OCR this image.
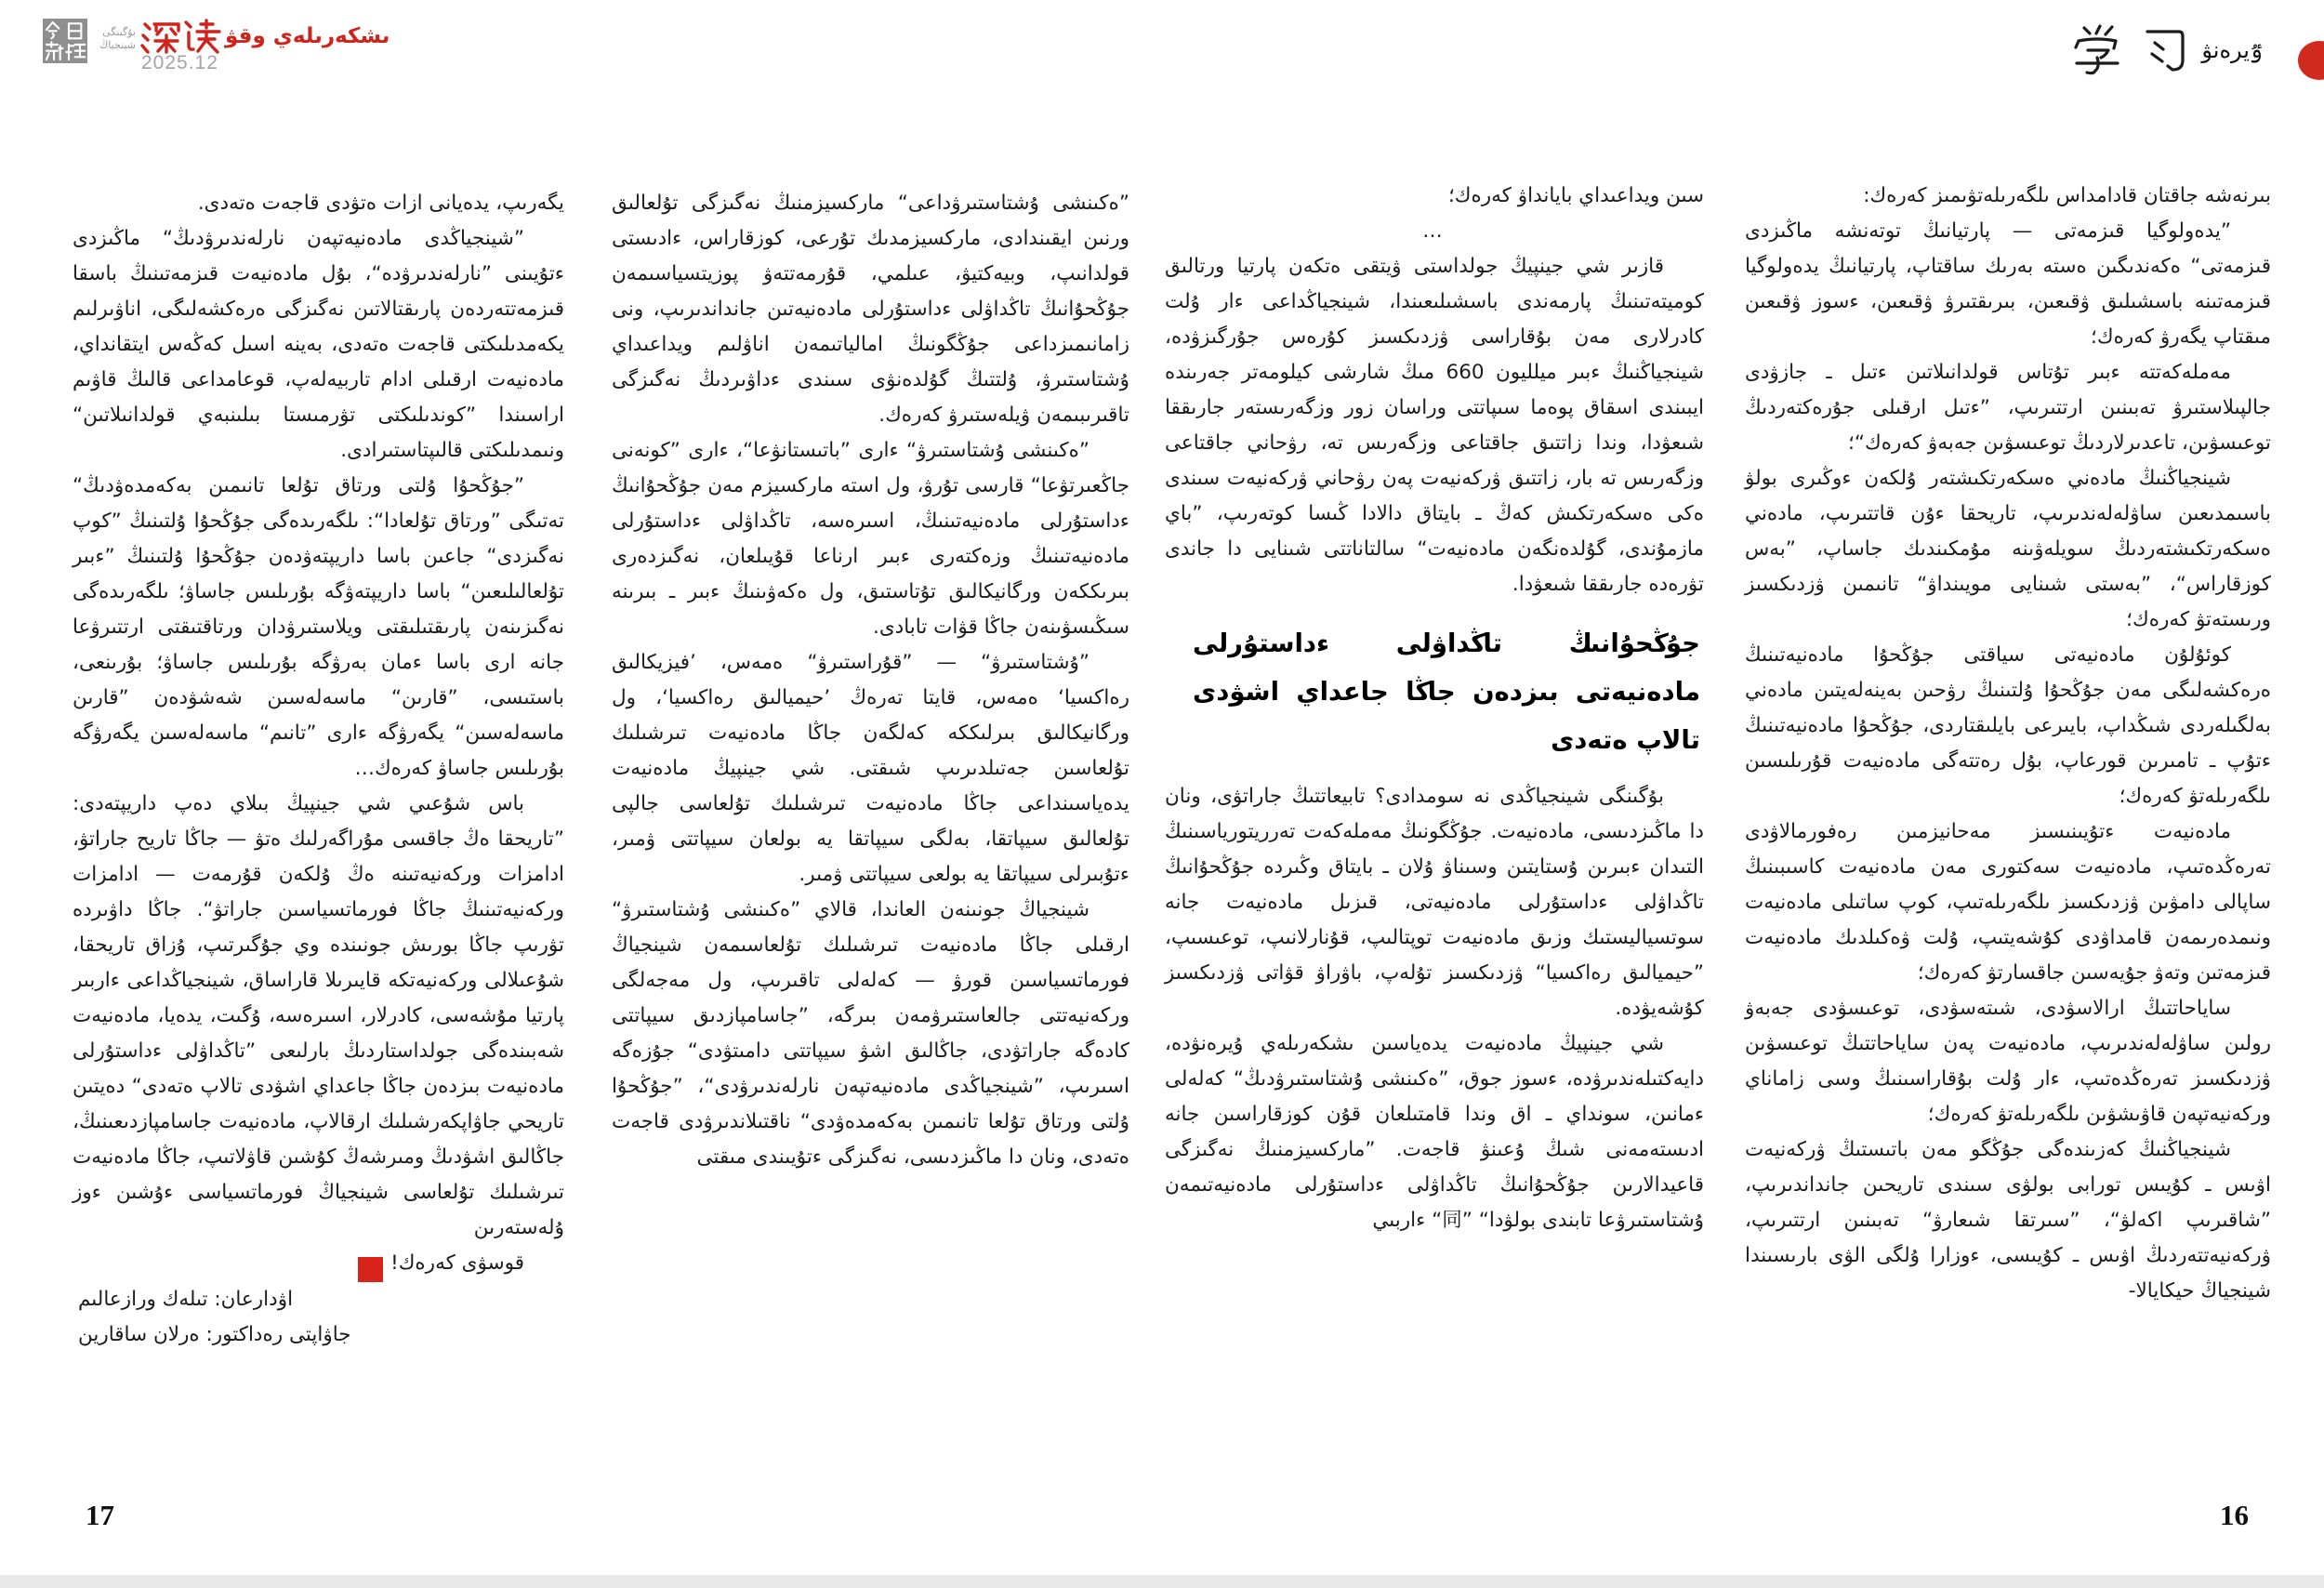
بۇگىنگى
شينجياڭ	ىشكەرىلەي وقۋ
2025.12	ٷيرەنۋ

بىرنەشە جاقتان قادامداس ىلگەرىلەتۋىمىز كەرەك:

”يدەولوگيا قىزمەتى — پارتيانىڭ توتەنشە ماڭىزدى قىزمەتى“ ەكەندىگىن ەستە بەرىك ساقتاپ، پارتيانىڭ يدەولوگيا قىزمەتىنە باسشىلىق ۋقىعىن، بىرىقتىرۋ ۋقىعىن، ءسوز ۋقىعىن مىقتاپ يگەرۋ كەرەك؛

مەملەكەتتە ءبىر تۇتاس قولدانىلاتىن ءتىل ـ جازۋدى جالپىلاستىرۋ تەبىنىن ارتتىرىپ، ”ءتىل ارقىلى جۇرەكتەردىڭ توعىسۋىن، تاعدىرلاردىڭ توعىسۋىن جەبەۋ كەرەك“؛

شينجياڭنىڭ مادەني ەسكەرتكىشتەر ۇلكەن ءوڭىرى بولۋ باسىمدىعىن ساۋلەلەندىرىپ، تاريحقا ءۇن قاتتىرىپ، مادەني ەسكەرتكىشتەردىڭ سويلەۋىنە مۇمكىندىك جاساپ، ”بەس كوزقاراس“، ”بەستى شىنايى مويىنداۋ“ تانىمىن ۋزدىكسىز ورىستەتۋ كەرەك؛

كوئۇلۇن مادەنيەتى سياقتى جۇڭحۇا مادەنيەتىنىڭ ەرەكشەلىگى مەن جۇڭحۇا ۇلتىنىڭ رۋحىن بەينەلەيتىن مادەني بەلگىلەردى شىڭداپ، بايىرعى بايلىقتاردى، جۇڭحۇا مادەنيەتىنىڭ ءتۇپ ـ تامىرىن قورعاپ، بۇل رەتتەگى مادەنيەت قۇرىلىسىن ىلگەرىلەتۋ كەرەك؛

مادەنيەت ءتۇيىنىسىز مەحانيزمىن رەفورمالاۋدى تەرەڭدەتىپ، مادەنيەت سەكتورى مەن مادەنيەت كاسىبىنىڭ ساپالى دامۋىن ۋزدىكسىز ىلگەرىلەتىپ، كوپ ساتىلى مادەنيەت ونىمدەرىمەن قامداۋدى كۇشەيتىپ، ۇلت ۋەكىلدىك مادەنيەت قىزمەتىن وتەۋ جۇيەسىن جاقسارتۋ كەرەك؛

ساياحاتتىڭ ارالاسۋدى، شىتەسۋدى، توعىسۋدى جەبەۋ رولىن ساۋلەلەندىرىپ، مادەنيەت پەن ساياحاتتىڭ توعىسۋىن ۋزدىكسىز تەرەڭدەتىپ، ءار ۇلت بۇقاراسىنىڭ وسى زاماناي وركەنيەتپەن قاۋىشۋىن ىلگەرىلەتۋ كەرەك؛

شينجياڭنىڭ كەزىندەگى جۇڭگو مەن باتىستىڭ ۋركەنيەت اۋىس ـ كۇيىس تورابى بولۋى سىندى تاريحىن جانداندىرىپ، ”شاقىرىپ اكەلۋ“، ”سىرتقا شىعارۋ“ تەبىنىن ارتتىرىپ، ۋركەنيەتتەردىڭ اۋىس ـ كۇيىسى، ءوزارا ۇلگى الۋى بارىسىندا شينجياڭ حيكايالا-

سىن ويداعىداي بايانداۋ كەرەك؛

…

قازىر شي جينپيڭ جولداستى ۋيتقى ەتكەن پارتيا ورتالىق كوميتەتىنىڭ پارمەندى باسشىلىعىندا، شينجياڭداعى ءار ۇلت كادرلارى مەن بۇقاراسى ۋزدىكسىز كۇرەس جۇرگىزۋدە، شينجياڭنىڭ ءبىر ميلليون 660 مىڭ شارشى كيلومەتر جەرىندە ايبىندى اسقاق پوەما سىپاتتى وراسان زور وزگەرىستەر جارىققا شىعۋدا، وندا زاتتىق جاقتاعى وزگەرىس تە، رۋحاني جاقتاعى وزگەرىس تە بار، زاتتىق ۋركەنيەت پەن رۋحاني ۋركەنيەت سىندى ەكى ەسكەرتكىش كەڭ ـ بايتاق دالادا ڭىسا كوتەرىپ، ”باي مازمۇندى، گۇلدەنگەن مادەنيەت“ سالتاناتتى شىنايى دا جاندى تۋرەدە جارىققا شىعۋدا.

جۇڭحۇانىڭ تاڭداۋلى ءداستۇرلى مادەنيەتى بىزدەن جاڭا جاعداي اشۋدى تالاپ ەتەدى

بۇگىنگى شينجياڭدى نە سومدادى؟ تابيعاتتىڭ جاراتۋى، ونان دا ماڭىزدىسى، مادەنيەت. جۇڭگونىڭ مەملەكەت تەرريتورياسىنىڭ التىدان ءبىرىن ۇستايتىن وسىناۋ ۇلان ـ بايتاق وڭىردە جۇڭحۇانىڭ تاڭداۋلى ءداستۇرلى مادەنيەتى، قىزىل مادەنيەت جانە سوتسياليستىك وزىق مادەنيەت توپتالىپ، قۇنارلانىپ، توعىسىپ، ”حيميالىق رەاكسيا“ ۋزدىكسىز تۇلەپ، باۋراۋ قۋاتى ۋزدىكسىز كۇشەيۋدە.

شي جينپيڭ مادەنيەت يدەياسىن ىشكەرىلەي ۇيرەنۋدە، دايەكتىلەندىرۋدە، ءسوز جوق، ”ەكىنشى ۇشتاستىرۋدىڭ“ كەلەلى ءمانىن، سونداي ـ اق وندا قامتىلعان قۇن كوزقاراسىن جانە ادىستەمەنى شىڭ ۇعىنۋ قاجەت. ”ماركسيزمنىڭ نەگىزگى قاعيدالارىن جۇڭحۇانىڭ تاڭداۋلى ءداستۇرلى مادەنيەتىمەن ۇشتاستىرۋعا تابندى بولۋدا“ ”同“ ءاربىي

”ەكىنشى ۇشتاستىرۋداعى“ ماركسيزمنىڭ نەگىزگى تۇلعالىق ورنىن ايقىندادى، ماركسيزمدىك تۇرعى، كوزقاراس، ءادىستى قولدانىپ، وبيەكتيۋ، عىلمي، قۇرمەتتەۋ پوزيتسياسىمەن جۇڭحۇانىڭ تاڭداۋلى ءداستۇرلى مادەنيەتىن جانداندىرىپ، ونى زامانىمىزداعى جۇڭگونىڭ امالياتىمەن اناۋلىم ويداعىداي ۇشتاستىرۋ، ۇلتتىڭ گۇلدەنۋى سىندى ءداۋىردىڭ نەگىزگى تاقىرىبىمەن ۋيلەستىرۋ كەرەك.

”ەكىنشى ۇشتاستىرۋ“ ءارى ”باتىستانۋعا“، ءارى ”كونەنى جاڭعىرتۋعا“ قارسى تۇرۋ، ول استە ماركسيزم مەن جۇڭحۇانىڭ ءداستۇرلى مادەنيەتىنىڭ، اسىرەسە، تاڭداۋلى ءداستۇرلى مادەنيەتىنىڭ وزەكتەرى ءبىر ارناعا قۇيىلعان، نەگىزدەرى بىرىككەن ورگانيكالىق تۇتاستىق، ول ەكەۋىنىڭ ءبىر ـ بىرىنە سىڭىسۋىنەن جاڭا قۋات تابادى.

”ۇشتاستىرۋ“ — ”قۇراستىرۋ“ ەمەس، ’فيزيكالىق رەاكسيا‘ ەمەس، قايتا تەرەڭ ’حيميالىق رەاكسيا‘، ول ورگانيكالىق بىرلىككە كەلگەن جاڭا مادەنيەت تىرشىلىك تۇلعاسىن جەتىلدىرىپ شىقتى. شي جينپيڭ مادەنيەت يدەياسىنداعى جاڭا مادەنيەت تىرشىلىك تۇلعاسى جالپى تۇلعالىق سيپاتقا، بەلگى سيپاتقا يە بولعان سيپاتتى ۋمىر، ءتۇبىرلى سيپاتقا يە بولعى سيپاتتى ۋمىر.

شينجياڭ جونىنەن العاندا، قالاي ”ەكىنشى ۇشتاستىرۋ“ ارقىلى جاڭا مادەنيەت تىرشىلىك تۇلعاسىمەن شينجياڭ فورماتسياسىن قورۋ — كەلەلى تاقىرىپ، ول مەجەلگى وركەنيەتتى جالعاستىرۋمەن بىرگە، ”جاسامپازدىق سيپاتتى كادەگە جاراتۋدى، جاڭالىق اشۋ سيپاتتى دامىتۋدى“ جۇزەگە اسىرىپ، ”شينجياڭدى مادەنيەتپەن نارلەندىرۋدى“، ”جۇڭحۇا ۇلتى ورتاق تۇلعا تانىمىن بەكەمدەۋدى“ ناقتىلاندىرۋدى قاجەت ەتەدى، ونان دا ماڭىزدىسى، نەگىزگى ءتۇيىندى مىقتى

يگەرىپ، يدەيانى ازات ەتۋدى قاجەت ەتەدى.

”شينجياڭدى مادەنيەتپەن نارلەندىرۋدىڭ“ ماڭىزدى ءتۇيىنى ”نارلەندىرۋدە“، بۇل مادەنيەت قىزمەتىنىڭ باسقا قىزمەتتەردەن پارىقتالاتىن نەگىزگى ەرەكشەلىگى، اناۋىرلىم يكەمدىلىكتى قاجەت ەتەدى، بەينە اسىل كەڭەس ايتقانداي، مادەنيەت ارقىلى ادام تاربيەلەپ، قوعامداعى قالىڭ قاۋىم اراسىندا ”كوندىلىكتى تۋرمىستا بىلىنبەي قولدانىلاتىن“ ونىمدىلىكتى قالىپتاستىرادى.

”جۇڭحۇا ۇلتى ورتاق تۇلعا تانىمىن بەكەمدەۋدىڭ“ تەتىگى ”ورتاق تۇلعادا“: ىلگەرىدەگى جۇڭحۇا ۇلتىنىڭ ”كوپ نەگىزدى“ جاعىن باسا داريپتەۋدەن جۇڭحۇا ۇلتىنىڭ ”ءبىر تۇلعالىلىعىن“ باسا داريپتەۋگە بۇرىلىس جاساۋ؛ ىلگەرىدەگى نەگىزىنەن پارىقتىلىقتى ويلاستىرۋدان ورتاقتىقتى ارتتىرۋعا جانە ارى باسا ءمان بەرۋگە بۇرىلىس جاساۋ؛ بۇرىنعى، باستىسى، ”قارىن“ ماسەلەسىن شەشۋدەن ”قارىن ماسەلەسىن“ يگەرۋگە ءارى ”تانىم“ ماسەلەسىن يگەرۋگە بۇرىلىس جاساۋ كەرەك…

باس شۇعىي شي جينپيڭ بىلاي دەپ داريپتەدى: ”تاريحقا ەڭ جاقسى مۇراگەرلىك ەتۋ — جاڭا تاريح جاراتۋ، ادامزات وركەنيەتىنە ەڭ ۇلكەن قۇرمەت — ادامزات وركەنيەتىنىڭ جاڭا فورماتسياسىن جاراتۋ“. جاڭا داۋىردە تۋرىپ جاڭا بورىش جونىندە وي جۇگىرتىپ، ۇزاق تاريحقا، شۇعىلالى وركەنيەتكە قايىرىلا قاراساق، شينجياڭداعى ءاربىر پارتيا مۇشەسى، كادرلار، اسىرەسە، ۇگىت، يدەيا، مادەنيەت شەبىندەگى جولداستاردىڭ بارلىعى ”تاڭداۋلى ءداستۇرلى مادەنيەت بىزدەن جاڭا جاعداي اشۋدى تالاپ ەتەدى“ دەيتىن تاريحي جاۋاپكەرشىلىك ارقالاپ، مادەنيەت جاسامپازدىعىنىڭ، جاڭالىق اشۋدىڭ ومىرشەڭ كۇشىن قاۋلاتىپ، جاڭا مادەنيەت تىرشىلىك تۇلعاسى شينجياڭ فورماتسياسى ءۇشىن ءوز ۇلەستەرىن

قوسۋى كەرەك!ل

اۋدارعان: تىلەك ورازعالىم

جاۋاپتى رەداكتور: ەرلان ساقارين

17	16
